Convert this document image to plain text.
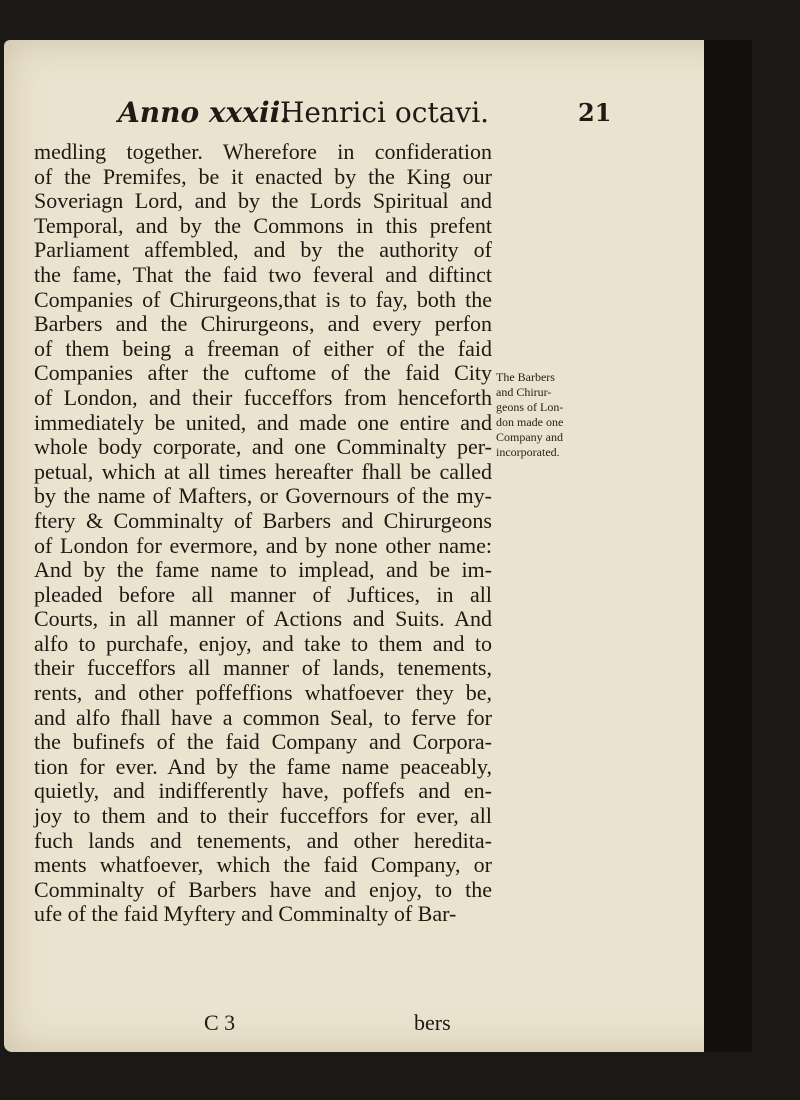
Anno xxxii.
Henrici octavi.	21
medling together. Wherefore in confideration
of the Premifes, be it enacted by the King our
Soveriagn Lord, and by the Lords Spiritual and
Temporal, and by the Commons in this prefent
Parliament affembled, and by the authority of
the fame, That the faid two feveral and diftinct
Companies of Chirurgeons,that is to fay, both the
Barbers and the Chirurgeons, and every perfon
of them being a freeman of either of the faid
Companies after the cuftome of the faid City
of London, and their fucceffors from henceforth
immediately be united, and made one entire and
whole body corporate, and one Comminalty per-
petual, which at all times hereafter fhall be called
by the name of Mafters, or Governours of the my-
ftery & Comminalty of Barbers and Chirurgeons
of London for evermore, and by none other name:
And by the fame name to implead, and be im-
pleaded before all manner of Juftices, in all
Courts, in all manner of Actions and Suits. And
alfo to purchafe, enjoy, and take to them and to
their fucceffors all manner of lands, tenements,
rents, and other poffeffions whatfoever they be,
and alfo fhall have a common Seal, to ferve for
the bufinefs of the faid Company and Corpora-
tion for ever. And by the fame name peaceably,
quietly, and indifferently have, poffefs and en-
joy to them and to their fucceffors for ever, all
fuch lands and tenements, and other heredita-
ments whatfoever, which the faid Company, or
Comminalty of Barbers have and enjoy, to the
ufe of the faid Myftery and Comminalty of Bar-
The Barbers
and Chirur-
geons of Lon-
don made one
Company and
incorporated.
C 3	bers
